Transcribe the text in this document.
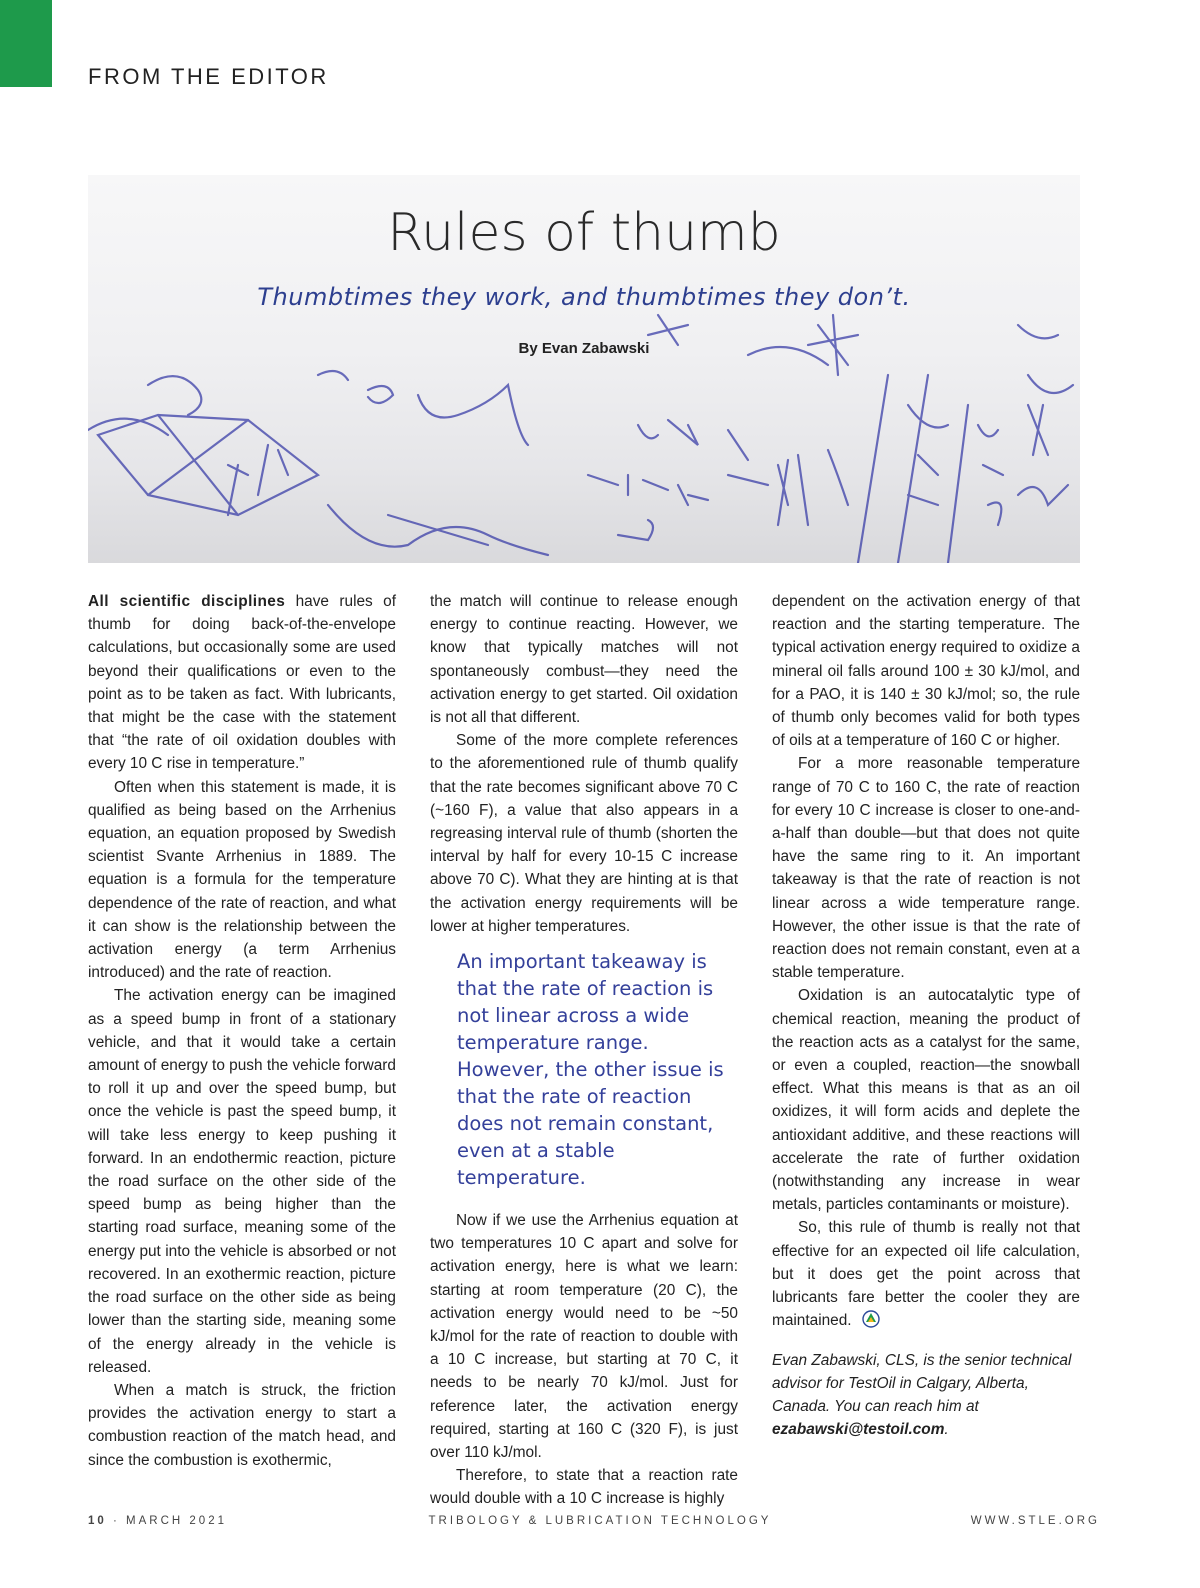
FROM THE EDITOR
Rules of thumb
Thumbtimes they work, and thumbtimes they don’t.
By Evan Zabawski

All scientific disciplines have rules of thumb for doing back-of-the-envelope calculations, but occasionally some are used beyond their qualifications or even to the point as to be taken as fact. With lubricants, that might be the case with the statement that “the rate of oil oxidation doubles with every 10 C rise in temperature.”

Often when this statement is made, it is qualified as being based on the Arrhenius equation, an equation proposed by Swedish scientist Svante Arrhenius in 1889. The equation is a formula for the temperature dependence of the rate of reaction, and what it can show is the relationship between the activation energy (a term Arrhenius introduced) and the rate of reaction.

The activation energy can be imagined as a speed bump in front of a stationary vehicle, and that it would take a certain amount of energy to push the vehicle forward to roll it up and over the speed bump, but once the vehicle is past the speed bump, it will take less energy to keep pushing it forward. In an endothermic reaction, picture the road surface on the other side of the speed bump as being higher than the starting road surface, meaning some of the energy put into the vehicle is absorbed or not recovered. In an exothermic reaction, picture the road surface on the other side as being lower than the starting side, meaning some of the energy already in the vehicle is released.

When a match is struck, the friction provides the activation energy to start a combustion reaction of the match head, and since the combustion is exothermic,

the match will continue to release enough energy to continue reacting. However, we know that typically matches will not spontaneously combust—they need the activation energy to get started. Oil oxidation is not all that different.

Some of the more complete references to the aforementioned rule of thumb qualify that the rate becomes significant above 70 C (~160 F), a value that also appears in a regreasing interval rule of thumb (shorten the interval by half for every 10-15 C increase above 70 C). What they are hinting at is that the activation energy requirements will be lower at higher temperatures.

An important takeaway is that the rate of reaction is not linear across a wide temperature range. However, the other issue is that the rate of reaction does not remain constant, even at a stable temperature.

Now if we use the Arrhenius equation at two temperatures 10 C apart and solve for activation energy, here is what we learn: starting at room temperature (20 C), the activation energy would need to be ~50 kJ/mol for the rate of reaction to double with a 10 C increase, but starting at 70 C, it needs to be nearly 70 kJ/mol. Just for reference later, the activation energy required, starting at 160 C (320 F), is just over 110 kJ/mol.

Therefore, to state that a reaction rate would double with a 10 C increase is highly

dependent on the activation energy of that reaction and the starting temperature. The typical activation energy required to oxidize a mineral oil falls around 100 ± 30 kJ/mol, and for a PAO, it is 140 ± 30 kJ/mol; so, the rule of thumb only becomes valid for both types of oils at a temperature of 160 C or higher.

For a more reasonable temperature range of 70 C to 160 C, the rate of reaction for every 10 C increase is closer to one-and-a-half than double—but that does not quite have the same ring to it. An important takeaway is that the rate of reaction is not linear across a wide temperature range. However, the other issue is that the rate of reaction does not remain constant, even at a stable temperature.

Oxidation is an autocatalytic type of chemical reaction, meaning the product of the reaction acts as a catalyst for the same, or even a coupled, reaction—the snowball effect. What this means is that as an oil oxidizes, it will form acids and deplete the antioxidant additive, and these reactions will accelerate the rate of further oxidation (notwithstanding any increase in wear metals, particles contaminants or moisture).

So, this rule of thumb is really not that effective for an expected oil life calculation, but it does get the point across that lubricants fare better the cooler they are maintained.

Evan Zabawski, CLS, is the senior technical advisor for TestOil in Calgary, Alberta, Canada. You can reach him at ezabawski@testoil.com.
10 · MARCH 2021	TRIBOLOGY & LUBRICATION TECHNOLOGY	WWW.STLE.ORG
